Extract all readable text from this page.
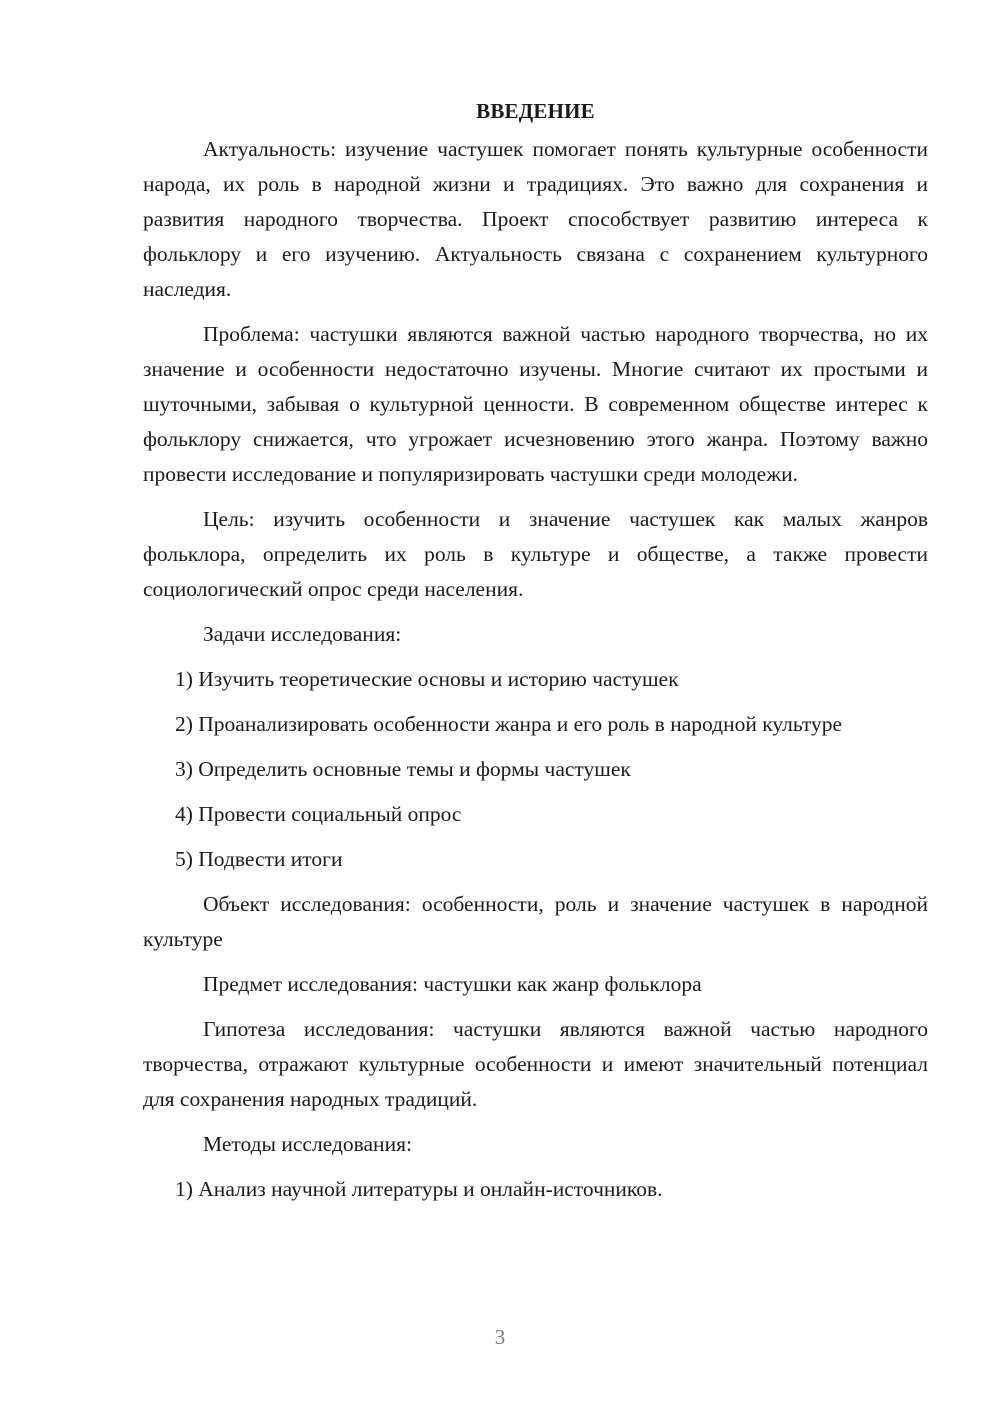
ВВЕДЕНИЕ

Актуальность: изучение частушек помогает понять культурные особенности народа, их роль в народной жизни и традициях. Это важно для сохранения и развития народного творчества. Проект способствует развитию интереса к фольклору и его изучению. Актуальность связана с сохранением культурного наследия.

Проблема: частушки являются важной частью народного творчества, но их значение и особенности недостаточно изучены. Многие считают их простыми и шуточными, забывая о культурной ценности. В современном обществе интерес к фольклору снижается, что угрожает исчезновению этого жанра. Поэтому важно провести исследование и популяризировать частушки среди молодежи.

Цель: изучить особенности и значение частушек как малых жанров фольклора, определить их роль в культуре и обществе, а также провести социологический опрос среди населения.

Задачи исследования:

1) Изучить теоретические основы и историю частушек

2) Проанализировать особенности жанра и его роль в народной культуре

3) Определить основные темы и формы частушек

4) Провести социальный опрос

5) Подвести итоги

Объект исследования: особенности, роль и значение частушек в народной культуре

Предмет исследования: частушки как жанр фольклора

Гипотеза исследования: частушки являются важной частью народного творчества, отражают культурные особенности и имеют значительный потенциал для сохранения народных традиций.

Методы исследования:

1) Анализ научной литературы и онлайн-источников.

3
